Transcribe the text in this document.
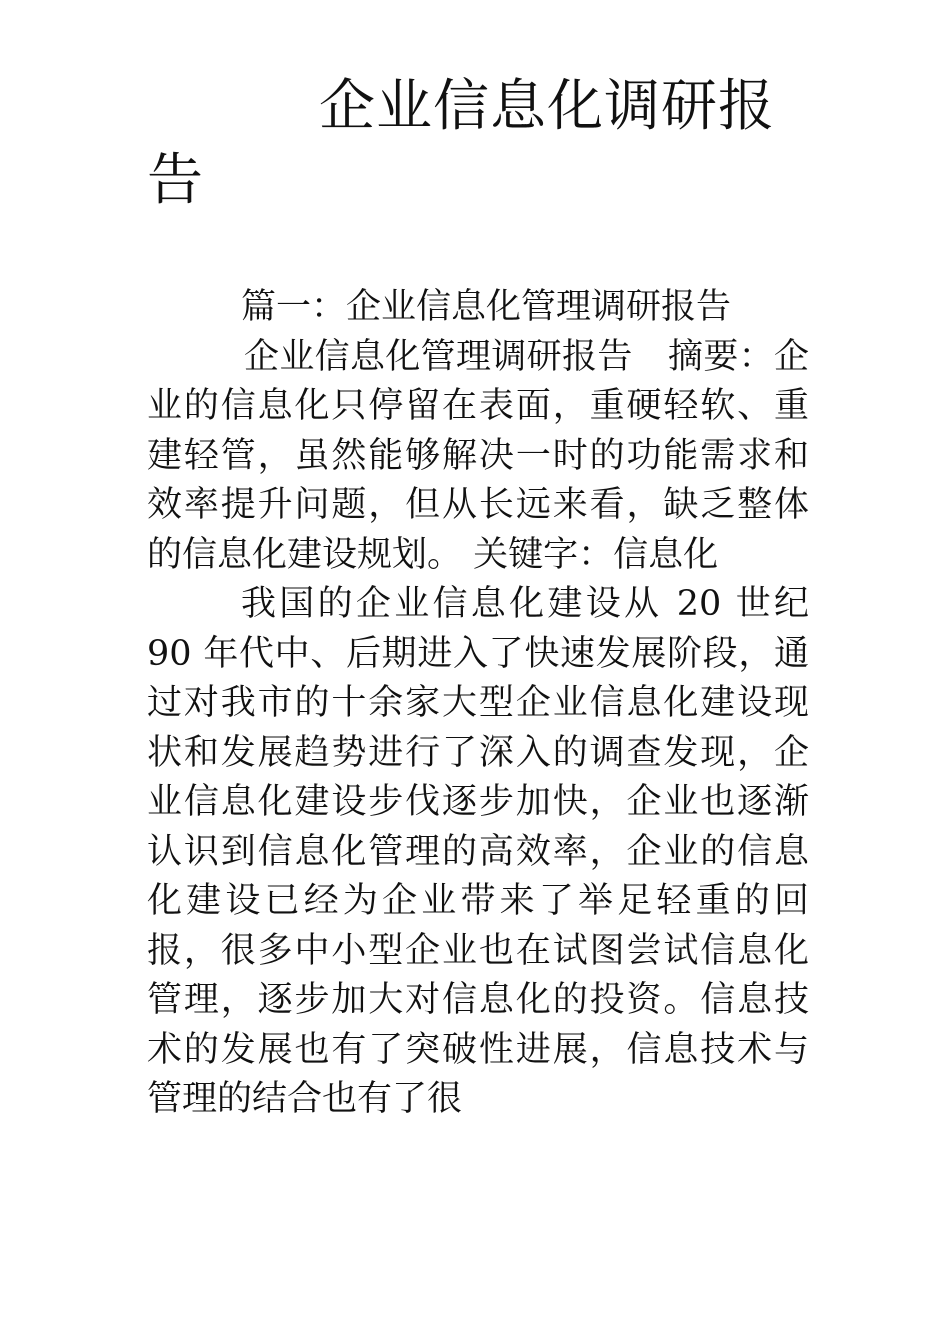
企业信息化调研报告

篇一：企业信息化管理调研报告

企业信息化管理调研报告　摘要：企业的信息化只停留在表面，重硬轻软、重建轻管，虽然能够解决一时的功能需求和效率提升问题，但从长远来看，缺乏整体的信息化建设规划。 关键字：信息化

我国的企业信息化建设从 20 世纪 90 年代中、后期进入了快速发展阶段，通过对我市的十余家大型企业信息化建设现状和发展趋势进行了深入的调查发现，企业信息化建设步伐逐步加快，企业也逐渐认识到信息化管理的高效率，企业的信息化建设已经为企业带来了举足轻重的回报，很多中小型企业也在试图尝试信息化管理，逐步加大对信息化的投资。信息技术的发展也有了突破性进展，信息技术与管理的结合也有了很
